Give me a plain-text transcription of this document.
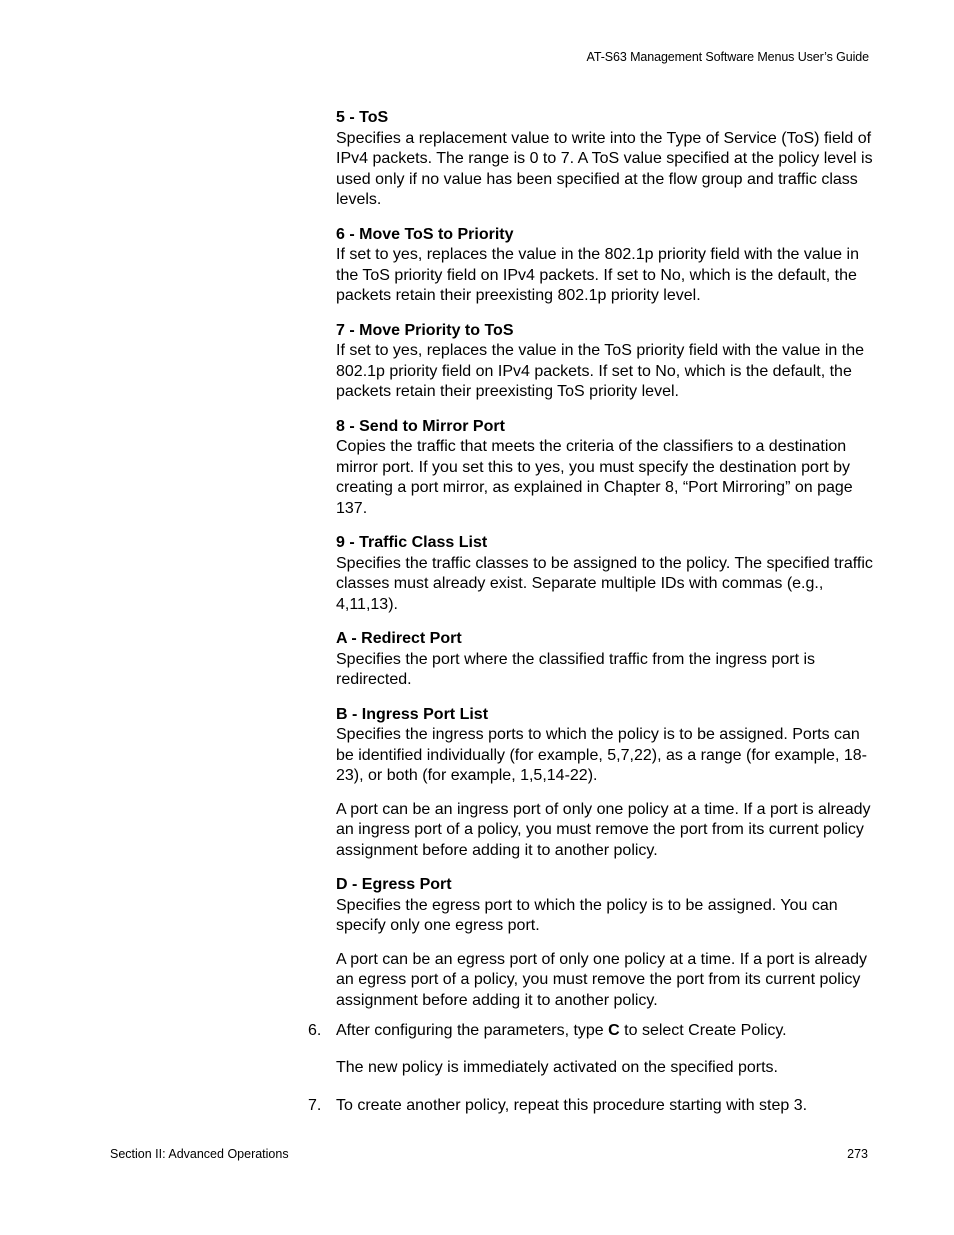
AT-S63 Management Software Menus User’s Guide
5 - ToS
Specifies a replacement value to write into the Type of Service (ToS) field of IPv4 packets. The range is 0 to 7. A ToS value specified at the policy level is used only if no value has been specified at the flow group and traffic class levels.
6 - Move ToS to Priority
If set to yes, replaces the value in the 802.1p priority field with the value in the ToS priority field on IPv4 packets. If set to No, which is the default, the packets retain their preexisting 802.1p priority level.
7 - Move Priority to ToS
If set to yes, replaces the value in the ToS priority field with the value in the 802.1p priority field on IPv4 packets. If set to No, which is the default, the packets retain their preexisting ToS priority level.
8 - Send to Mirror Port
Copies the traffic that meets the criteria of the classifiers to a destination mirror port. If you set this to yes, you must specify the destination port by creating a port mirror, as explained in Chapter 8, “Port Mirroring” on page 137.
9 - Traffic Class List
Specifies the traffic classes to be assigned to the policy. The specified traffic classes must already exist. Separate multiple IDs with commas (e.g., 4,11,13).
A - Redirect Port
Specifies the port where the classified traffic from the ingress port is redirected.
B - Ingress Port List
Specifies the ingress ports to which the policy is to be assigned. Ports can be identified individually (for example, 5,7,22), as a range (for example, 18-23), or both (for example, 1,5,14-22).
A port can be an ingress port of only one policy at a time. If a port is already an ingress port of a policy, you must remove the port from its current policy assignment before adding it to another policy.
D - Egress Port
Specifies the egress port to which the policy is to be assigned. You can specify only one egress port.
A port can be an egress port of only one policy at a time. If a port is already an egress port of a policy, you must remove the port from its current policy assignment before adding it to another policy.
6. After configuring the parameters, type C to select Create Policy.
The new policy is immediately activated on the specified ports.
7. To create another policy, repeat this procedure starting with step 3.
Section II: Advanced Operations	273
